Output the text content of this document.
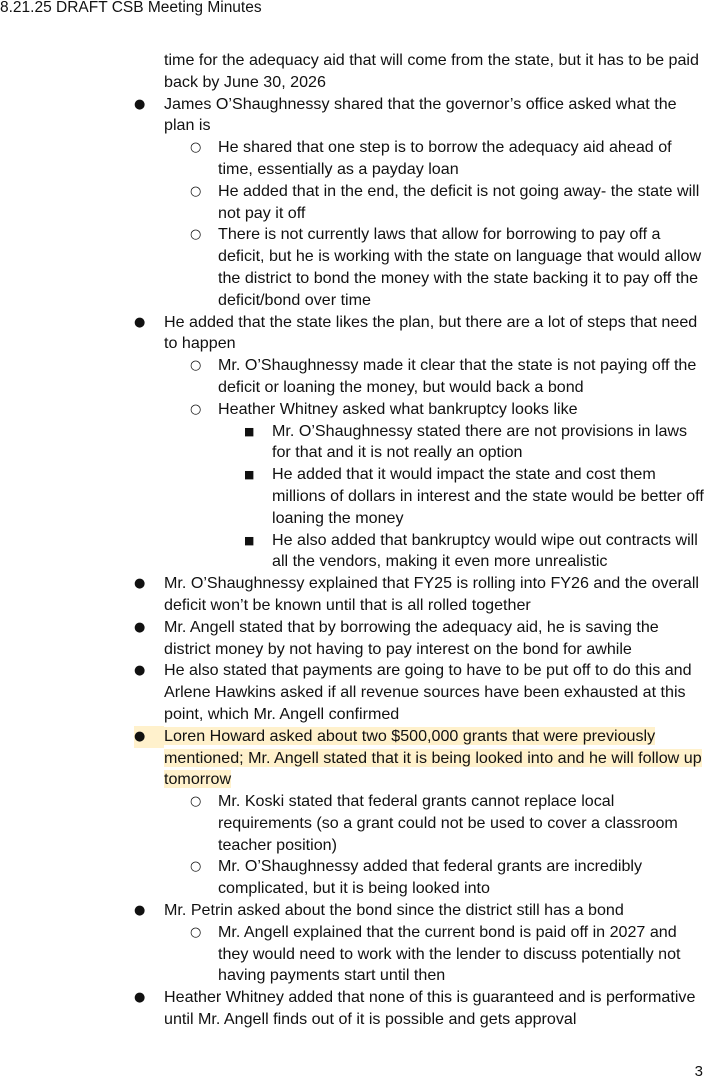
8.21.25 DRAFT CSB Meeting Minutes
time for the adequacy aid that will come from the state, but it has to be paid back by June 30, 2026
● James O’Shaughnessy shared that the governor’s office asked what the plan is
○ He shared that one step is to borrow the adequacy aid ahead of time, essentially as a payday loan
○ He added that in the end, the deficit is not going away- the state will not pay it off
○ There is not currently laws that allow for borrowing to pay off a deficit, but he is working with the state on language that would allow the district to bond the money with the state backing it to pay off the deficit/bond over time
● He added that the state likes the plan, but there are a lot of steps that need to happen
○ Mr. O’Shaughnessy made it clear that the state is not paying off the deficit or loaning the money, but would back a bond
○ Heather Whitney asked what bankruptcy looks like
■ Mr. O’Shaughnessy stated there are not provisions in laws for that and it is not really an option
■ He added that it would impact the state and cost them millions of dollars in interest and the state would be better off loaning the money
■ He also added that bankruptcy would wipe out contracts will all the vendors, making it even more unrealistic
● Mr. O’Shaughnessy explained that FY25 is rolling into FY26 and the overall deficit won’t be known until that is all rolled together
● Mr. Angell stated that by borrowing the adequacy aid, he is saving the district money by not having to pay interest on the bond for awhile
● He also stated that payments are going to have to be put off to do this and Arlene Hawkins asked if all revenue sources have been exhausted at this point, which Mr. Angell confirmed
● Loren Howard asked about two $500,000 grants that were previously mentioned; Mr. Angell stated that it is being looked into and he will follow up tomorrow
○ Mr. Koski stated that federal grants cannot replace local requirements (so a grant could not be used to cover a classroom teacher position)
○ Mr. O’Shaughnessy added that federal grants are incredibly complicated, but it is being looked into
● Mr. Petrin asked about the bond since the district still has a bond
○ Mr. Angell explained that the current bond is paid off in 2027 and they would need to work with the lender to discuss potentially not having payments start until then
● Heather Whitney added that none of this is guaranteed and is performative until Mr. Angell finds out of it is possible and gets approval
3
